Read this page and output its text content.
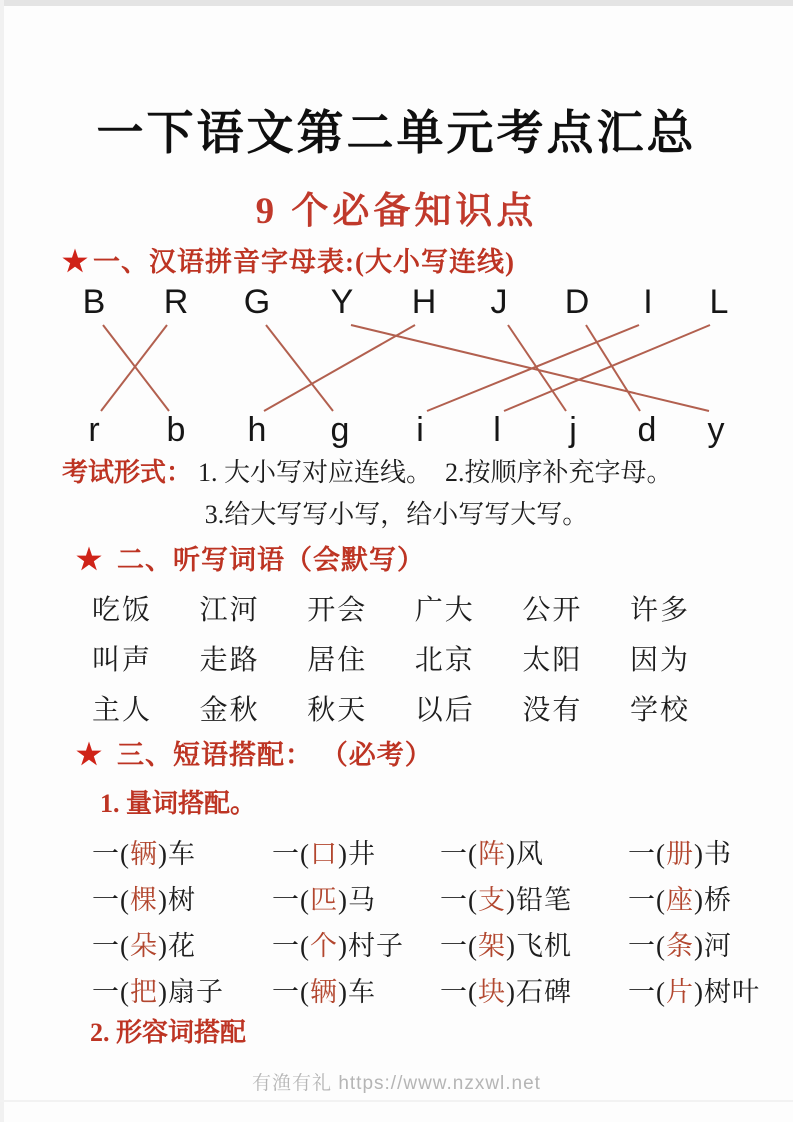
一下语文第二单元考点汇总
9 个必备知识点
★ 一、汉语拼音字母表:(大小写连线)
B R G Y H J D I L
r b h g i l j d y

考试形式： 1. 大小写对应连线。　2.按顺序补充字母。

3.给大写写小写，给小写写大写。

★ 二、听写词语（会默写）
吃饭 江河 开会 广大 公开 许多
叫声 走路 居住 北京 太阳 因为
主人 金秋 秋天 以后 没有 学校
★ 三、短语搭配： （必考）

1. 量词搭配。

一(辆)车	一(口)井	一(阵)风	一(册)书
一(棵)树	一(匹)马	一(支)铅笔	一(座)桥
一(朵)花	一(个)村子	一(架)飞机	一(条)河
一(把)扇子	一(辆)车	一(块)石碑	一(片)树叶

2. 形容词搭配

有渔有礼 https://www.nzxwl.net
